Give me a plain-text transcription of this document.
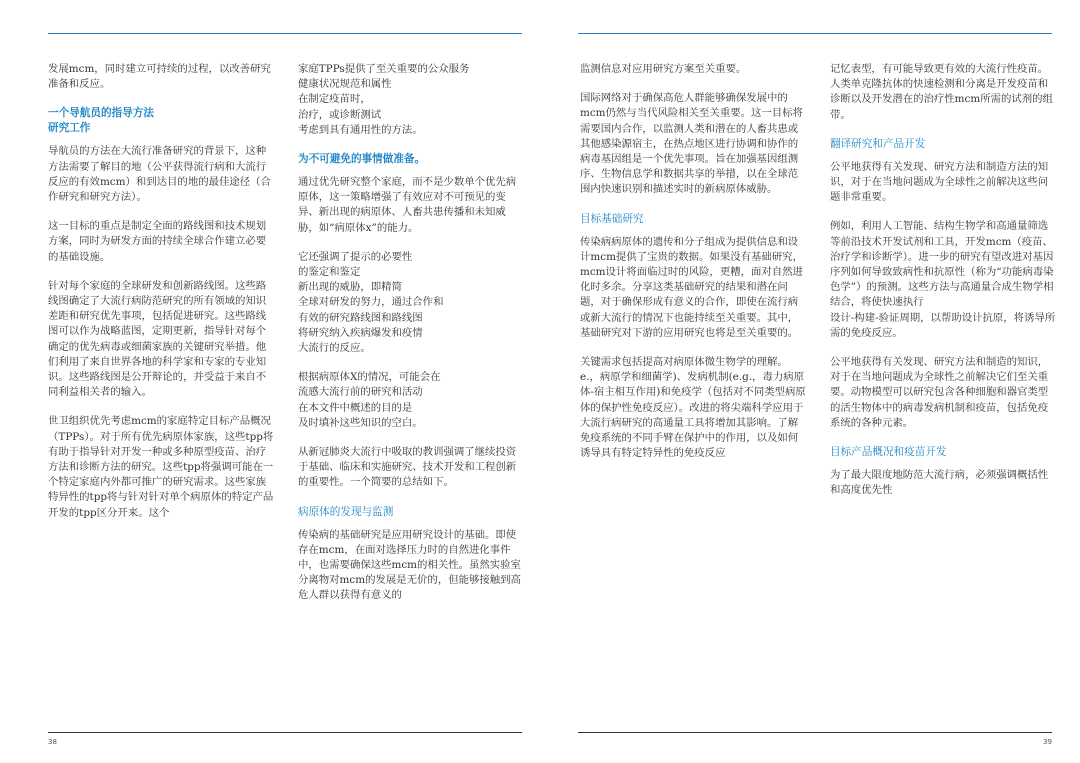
发展mcm，同时建立可持续的过程，以改善研究准备和反应。

一个导航员的指导方法
研究工作

导航员的方法在大流行准备研究的背景下，这种方法需要了解目的地（公平获得流行病和大流行反应的有效mcm）和到达目的地的最佳途径（合作研究和研究方法）。

这一目标的重点是制定全面的路线图和技术规划方案，同时为研发方面的持续全球合作建立必要的基础设施。

针对每个家庭的全球研发和创新路线图。这些路线图确定了大流行病防范研究的所有领域的知识差距和研究优先事项，包括促进研究。这些路线图可以作为战略蓝图，定期更新，指导针对每个确定的优先病毒或细菌家族的关键研究举措。他们利用了来自世界各地的科学家和专家的专业知识。这些路线图是公开辩论的，并受益于来自不同利益相关者的输入。

世卫组织优先考虑mcm的家庭特定目标产品概况（TPPs）。对于所有优先病原体家族，这些tpp将有助于指导针对开发一种或多种原型疫苗、治疗方法和诊断方法的研究。这些tpp将强调可能在一个特定家庭内外都可推广的研究需求。这些家族特异性的tpp将与针对针对单个病原体的特定产品开发的tpp区分开来。这个

家庭TPPs提供了至关重要的公众服务
健康状况规范和属性
在制定疫苗时，
治疗，或诊断测试
考虑到具有通用性的方法。

为不可避免的事情做准备。

通过优先研究整个家庭，而不是少数单个优先病原体，这一策略增强了有效应对不可预见的变异、新出现的病原体、人畜共患传播和未知威胁，如“病原体x”的能力。

它还强调了提示的必要性
的鉴定和鉴定
新出现的威胁，即精简
全球对研发的努力，通过合作和
有效的研究路线图和路线图
将研究纳入疾病爆发和疫情
大流行的反应。

根据病原体X的情况，可能会在
流感大流行前的研究和活动
在本文件中概述的目的是
及时填补这些知识的空白。

从新冠肺炎大流行中吸取的教训强调了继续投资于基础、临床和实施研究、技术开发和工程创新的重要性。一个简要的总结如下。

病原体的发现与监测

传染病的基础研究是应用研究设计的基础。即使存在mcm，在面对选择压力时的自然进化事件中，也需要确保这些mcm的相关性。虽然实验室分离物对mcm的发展是无价的，但能够接触到高危人群以获得有意义的

38

监测信息对应用研究方案至关重要。

国际网络对于确保高危人群能够确保发展中的mcm仍然与当代风险相关至关重要。这一目标将需要国内合作，以监测人类和潜在的人畜共患或其他感染源宿主，在热点地区进行协调和协作的病毒基因组是一个优先事项。旨在加强基因组测序、生物信息学和数据共享的举措，以在全球范围内快速识别和描述实时的新病原体威胁。

目标基础研究

传染病病原体的遗传和分子组成为提供信息和设计mcm提供了宝贵的数据。如果没有基础研究，mcm设计将面临过时的风险，更糟，面对自然进化时多余。分享这类基础研究的结果和潜在问题，对于确保形成有意义的合作，即使在流行病或新大流行的情况下也能持续至关重要。其中，基础研究对下游的应用研究也将是至关重要的。

关键需求包括提高对病原体微生物学的理解。e.，病原学和细菌学)、发病机制(e.g.，毒力病原体-宿主相互作用)和免疫学（包括对不同类型病原体的保护性免疫反应）。改进的将尖端科学应用于大流行病研究的高通量工具将增加其影响。了解免疫系统的不同手臂在保护中的作用，以及如何诱导具有特定特异性的免疫反应

记忆表型，有可能导致更有效的大流行性疫苗。人类单克隆抗体的快速检测和分离是开发疫苗和诊断以及开发潜在的治疗性mcm所需的试剂的组带。

翻译研究和产品开发

公平地获得有关发现、研究方法和制造方法的知识，对于在当地问题成为全球性之前解决这些问题非常重要。

例如，利用人工智能、结构生物学和高通量筛选等前沿技术开发试剂和工具，开发mcm（疫苗、治疗学和诊断学）。进一步的研究有望改进对基因序列如何导致致病性和抗原性（称为“功能病毒染色学”）的预测。这些方法与高通量合成生物学相结合，将使快速执行
设计-构建-验证周期，以帮助设计抗原，将诱导所需的免疫反应。

公平地获得有关发现、研究方法和制造的知识，对于在当地问题成为全球性之前解决它们至关重要。动物模型可以研究包含各种细胞和器官类型的活生物体中的病毒发病机制和疫苗，包括免疫系统的各种元素。

目标产品概况和疫苗开发

为了最大限度地防范大流行病，必须强调概括性和高度优先性

39
